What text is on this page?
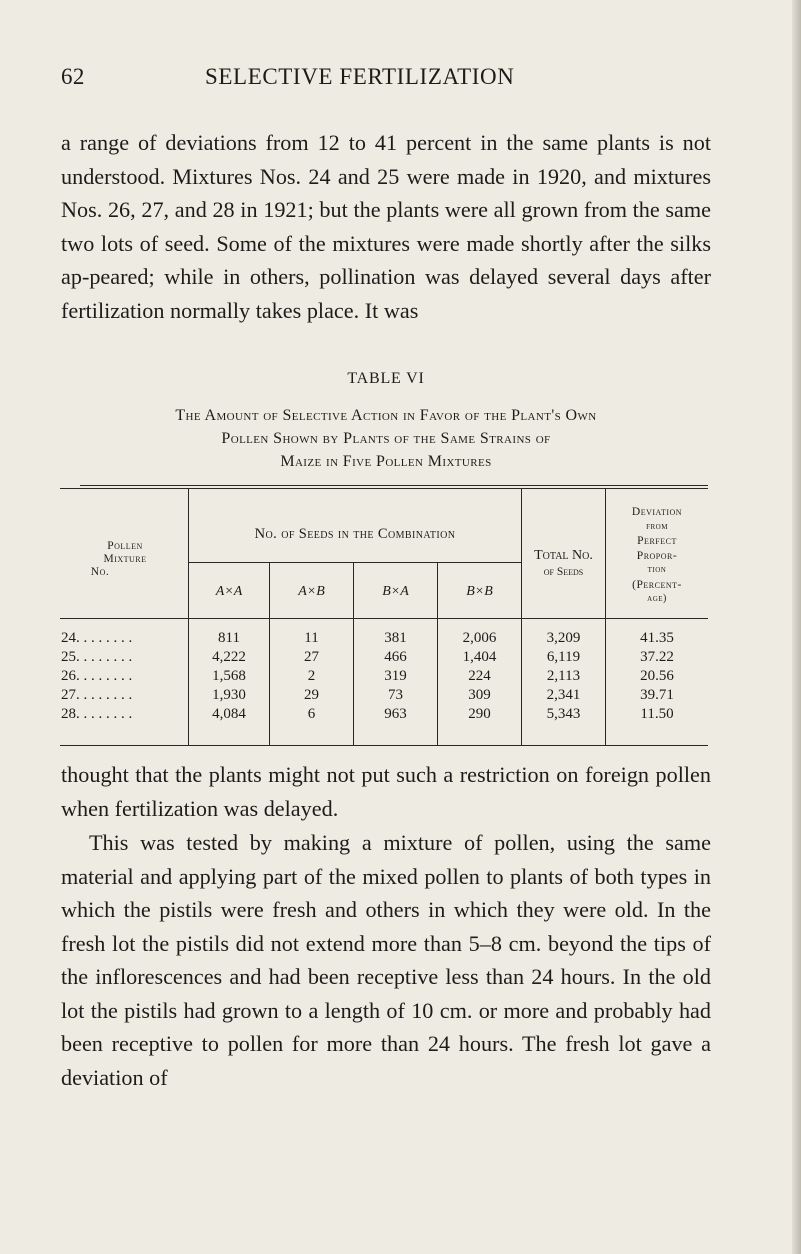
62	SELECTIVE FERTILIZATION

a range of deviations from 12 to 41 percent in the same plants is not understood. Mixtures Nos. 24 and 25 were made in 1920, and mixtures Nos. 26, 27, and 28 in 1921; but the plants were all grown from the same two lots of seed. Some of the mixtures were made shortly after the silks ap-peared; while in others, pollination was delayed several days after fertilization normally takes place. It was

TABLE VI

The Amount of Selective Action in Favor of the Plant's Own

Pollen Shown by Plants of the Same Strains of

Maize in Five Pollen Mixtures

Pollen
Mixture
No.
No. of Seeds in the Combination
A×A	A×B	B×A	B×B
Total No.
of Seeds
Deviation
from
Perfect
Propor-
tion
(Percent-
age)
24. . . . . . . .	811	11	381	2,006	3,209	41.35
25. . . . . . . .	4,222	27	466	1,404	6,119	37.22
26. . . . . . . .	1,568	2	319	224	2,113	20.56
27. . . . . . . .	1,930	29	73	309	2,341	39.71
28. . . . . . . .	4,084	6	963	290	5,343	11.50

thought that the plants might not put such a restriction on foreign pollen when fertilization was delayed.

This was tested by making a mixture of pollen, using the same material and applying part of the mixed pollen to plants of both types in which the pistils were fresh and others in which they were old. In the fresh lot the pistils did not extend more than 5–8 cm. beyond the tips of the inflorescences and had been receptive less than 24 hours. In the old lot the pistils had grown to a length of 10 cm. or more and probably had been receptive to pollen for more than 24 hours. The fresh lot gave a deviation of
